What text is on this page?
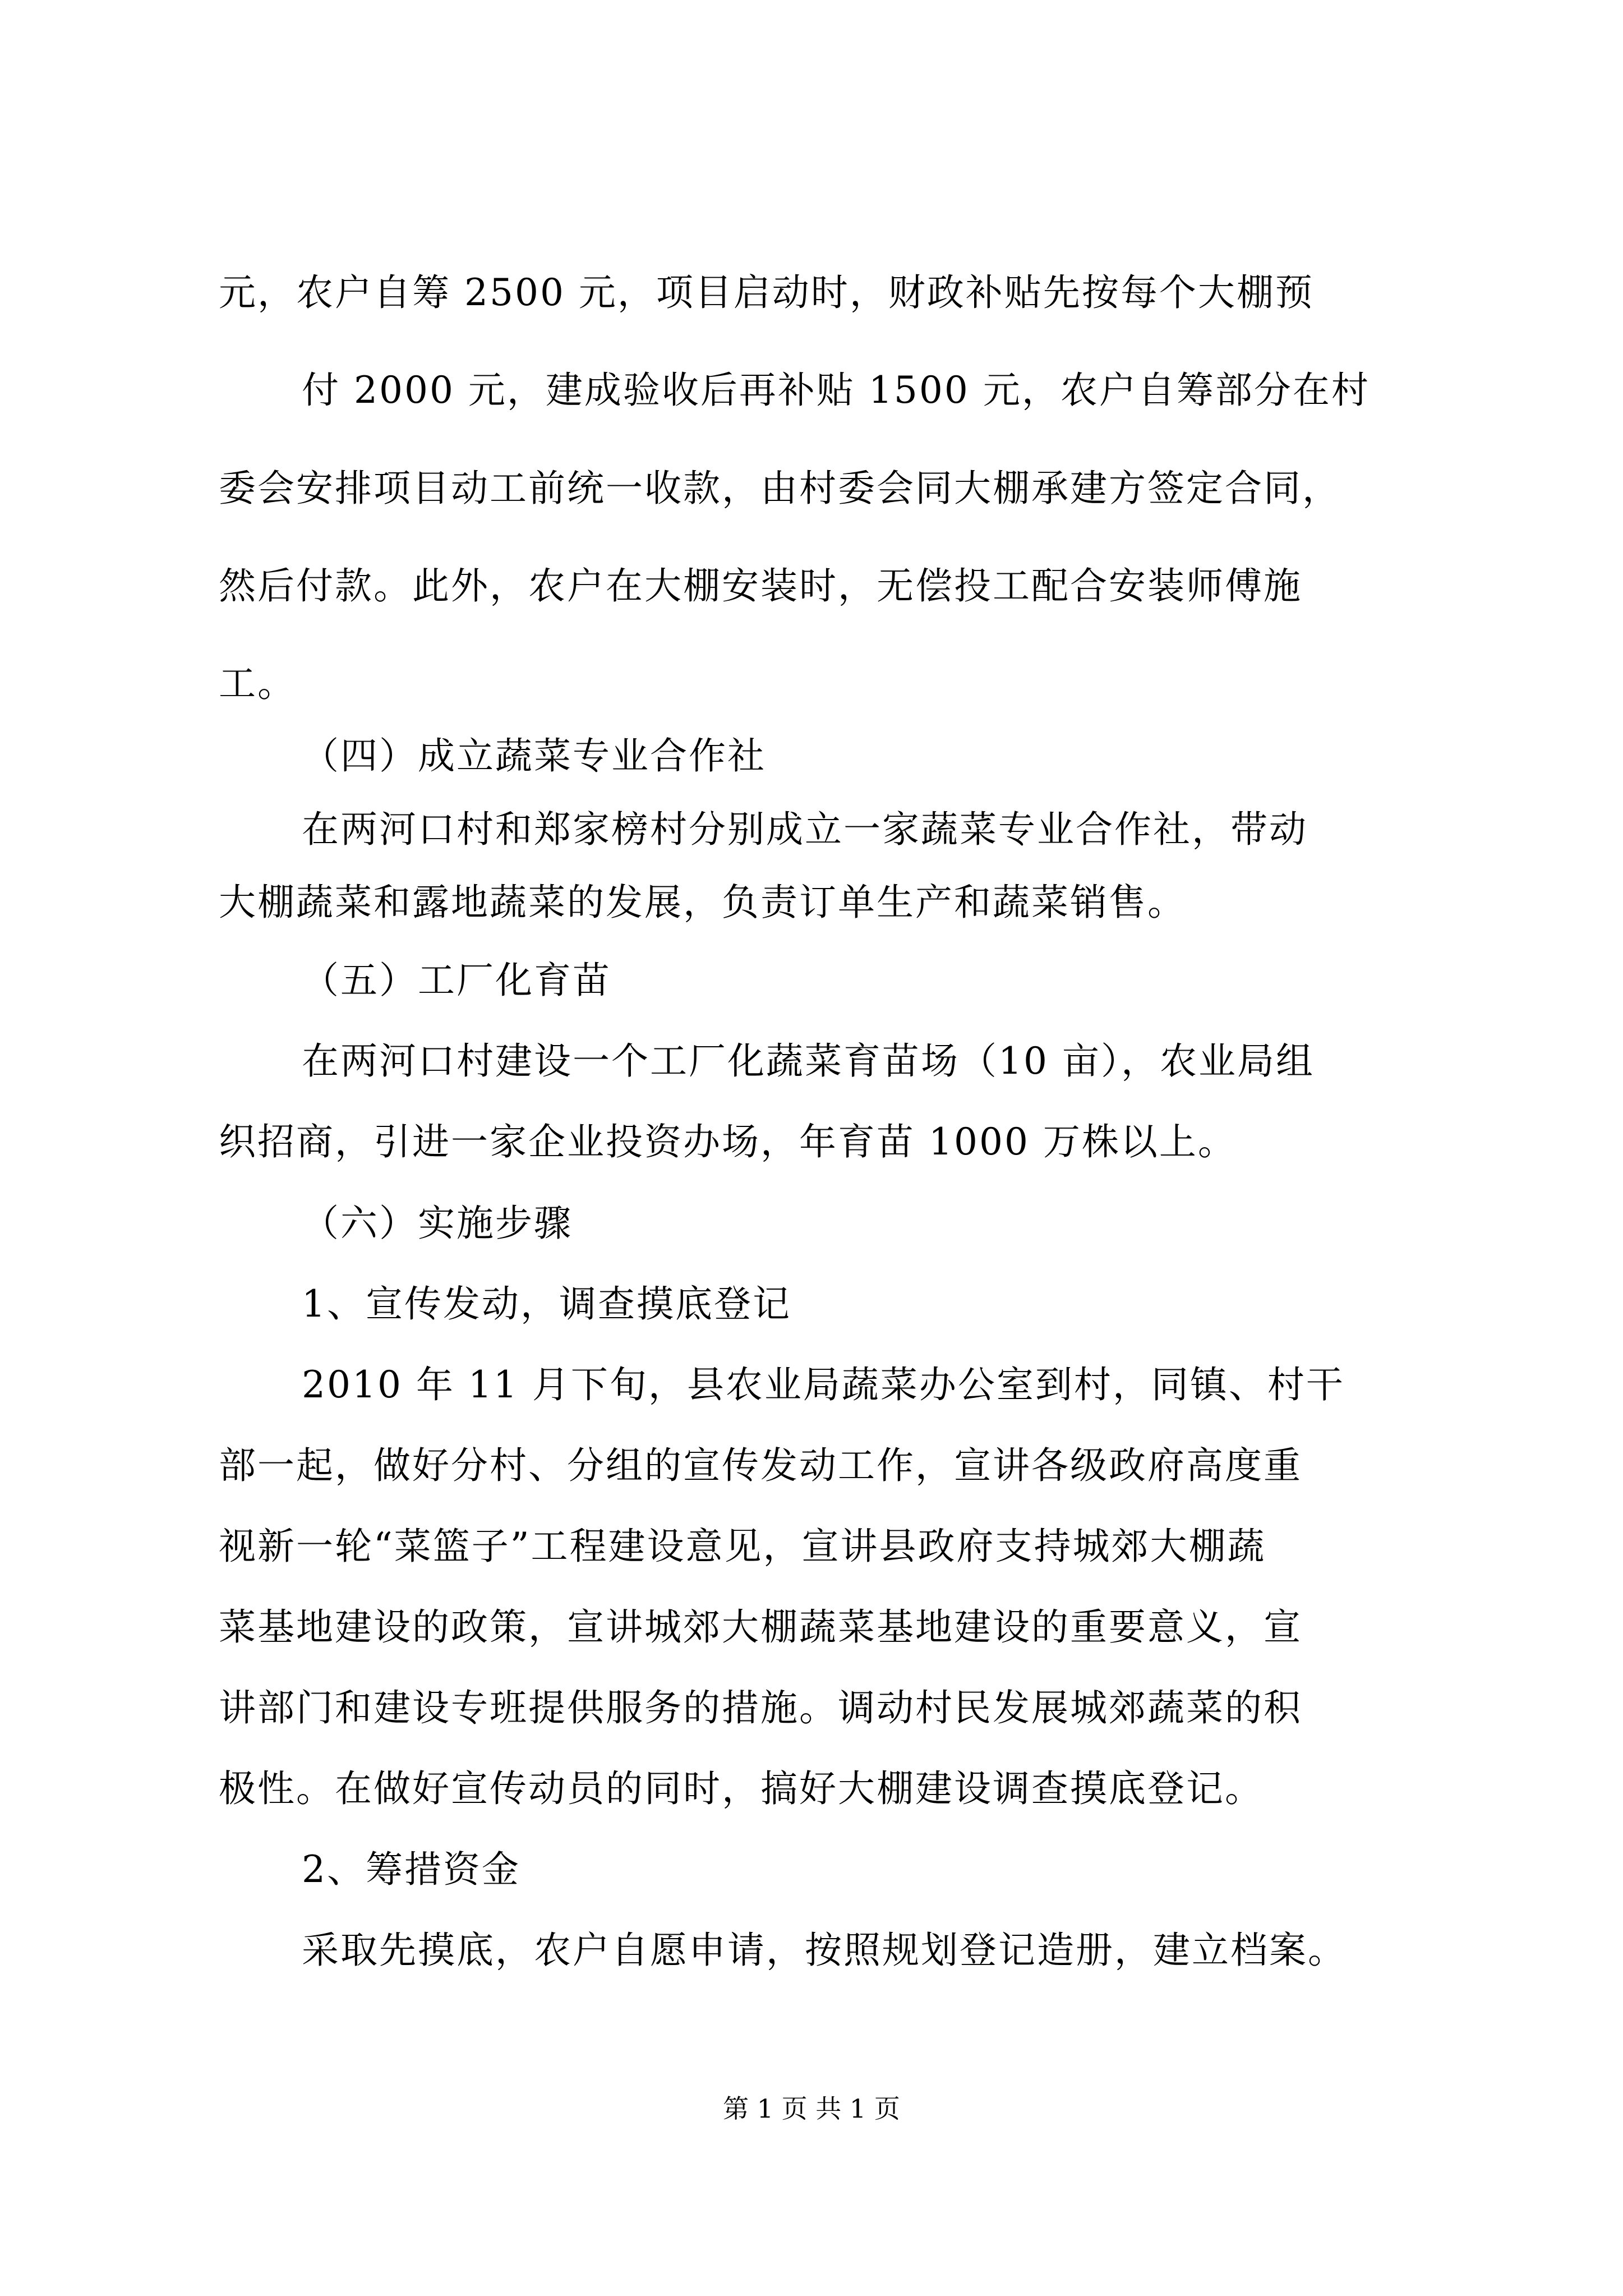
元，农户自筹 2500 元，项目启动时，财政补贴先按每个大棚预
付 2000 元，建成验收后再补贴 1500 元，农户自筹部分在村
委会安排项目动工前统一收款，由村委会同大棚承建方签定合同，
然后付款。此外，农户在大棚安装时，无偿投工配合安装师傅施
工。
（四）成立蔬菜专业合作社
在两河口村和郑家榜村分别成立一家蔬菜专业合作社，带动
大棚蔬菜和露地蔬菜的发展，负责订单生产和蔬菜销售。
（五）工厂化育苗
在两河口村建设一个工厂化蔬菜育苗场（10 亩），农业局组
织招商，引进一家企业投资办场，年育苗 1000 万株以上。
（六）实施步骤
1、宣传发动，调查摸底登记
2010 年 11 月下旬，县农业局蔬菜办公室到村，同镇、村干
部一起，做好分村、分组的宣传发动工作，宣讲各级政府高度重
视新一轮“菜篮子”工程建设意见，宣讲县政府支持城郊大棚蔬
菜基地建设的政策，宣讲城郊大棚蔬菜基地建设的重要意义，宣
讲部门和建设专班提供服务的措施。调动村民发展城郊蔬菜的积
极性。在做好宣传动员的同时，搞好大棚建设调查摸底登记。
2、筹措资金
采取先摸底，农户自愿申请，按照规划登记造册，建立档案。
第 1 页 共 1 页
